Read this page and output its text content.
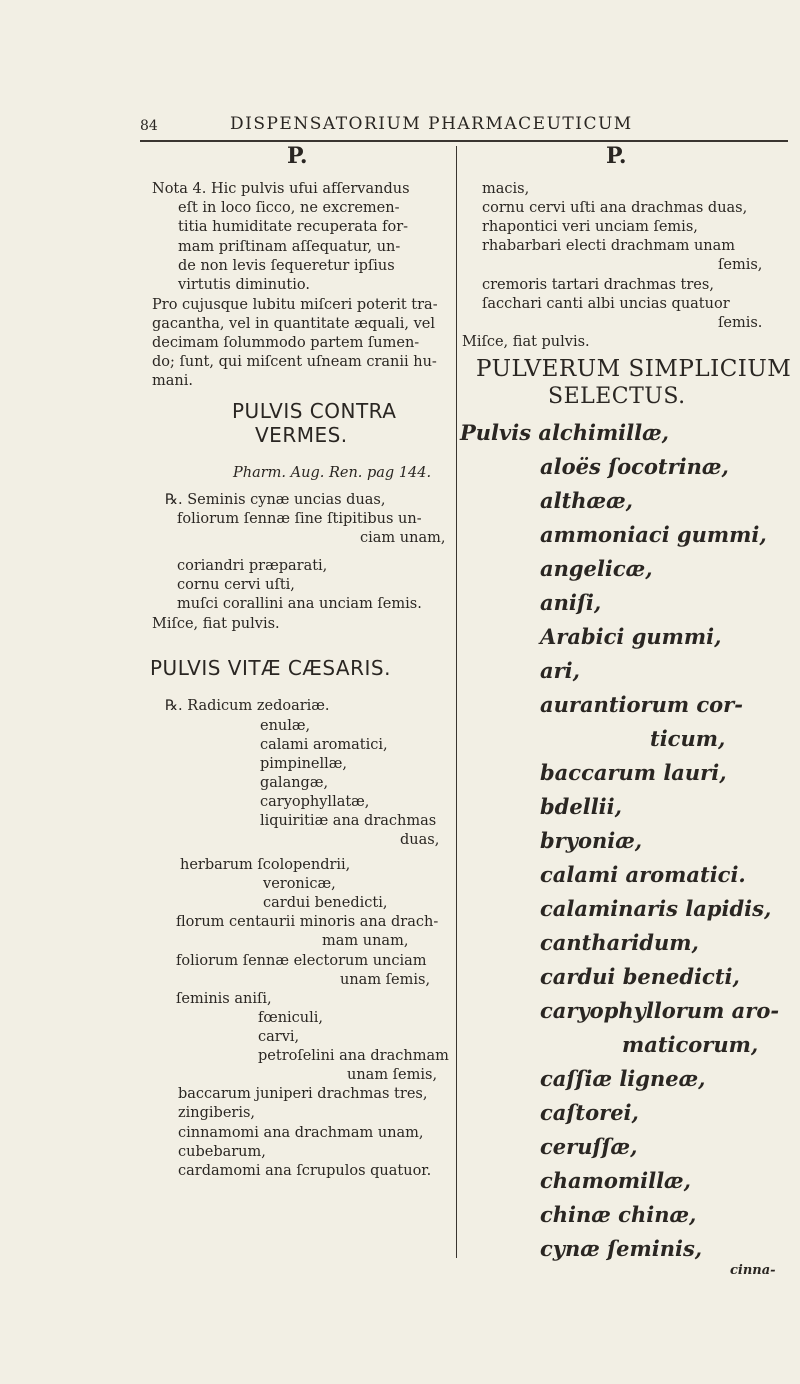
84	DISPENSATORIUM PHARMACEUTICUM
P.	P.
Nota 4. Hic pulvis ufui afſervandus
eſt in loco ſicco, ne excremen-
titia humiditate recuperata for-
mam priſtinam aſſequatur, un-
de non levis ſequeretur ipſius
virtutis diminutio.
Pro cujusque lubitu miſceri poterit tra-
gacantha, vel in quantitate æquali, vel
decimam ſolummodo partem ſumen-
do; ſunt, qui miſcent uſneam cranii hu-
mani.
PULVIS CONTRA
VERMES.
Pharm. Aug. Ren. pag 144.
℞. Seminis cynæ uncias duas,
foliorum ſennæ ſine ſtipitibus un-
ciam unam,
coriandri præparati,
cornu cervi uſti,
muſci corallini ana unciam ſemis.
Miſce, fiat pulvis.
PULVIS VITÆ CÆSARIS.
℞. Radicum zedoariæ.
enulæ,
calami aromatici,
pimpinellæ,
galangæ,
caryophyllatæ,
liquiritiæ ana drachmas
duas,
herbarum ſcolopendrii,
veronicæ,
cardui benedicti,
florum centaurii minoris ana drach-
mam unam,
foliorum ſennæ electorum unciam
unam ſemis,
ſeminis aniſi,
fœniculi,
carvi,
petroſelini ana drachmam
unam ſemis,
baccarum juniperi drachmas tres,
zingiberis,
cinnamomi ana drachmam unam,
cubebarum,
cardamomi ana ſcrupulos quatuor.
macis,
cornu cervi uſti ana drachmas duas,
rhapontici veri unciam ſemis,
rhabarbari electi drachmam unam
ſemis,
cremoris tartari drachmas tres,
ſacchari canti albi uncias quatuor
ſemis.
Miſce, fiat pulvis.
PULVERUM SIMPLICIUM
SELECTUS.
Pulvis alchimillæ,
aloës ſocotrinæ,
althææ,
ammoniaci gummi,
angelicæ,
aniſi,
Arabici gummi,
ari,
aurantiorum cor-
ticum,
baccarum lauri,
bdellii,
bryoniæ,
calami aromatici.
calaminaris lapidis,
cantharidum,
cardui benedicti,
caryophyllorum aro-
maticorum,
caſſiæ ligneæ,
caſtorei,
ceruſſæ,
chamomillæ,
chinæ chinæ,
cynæ ſeminis,
cinna-
